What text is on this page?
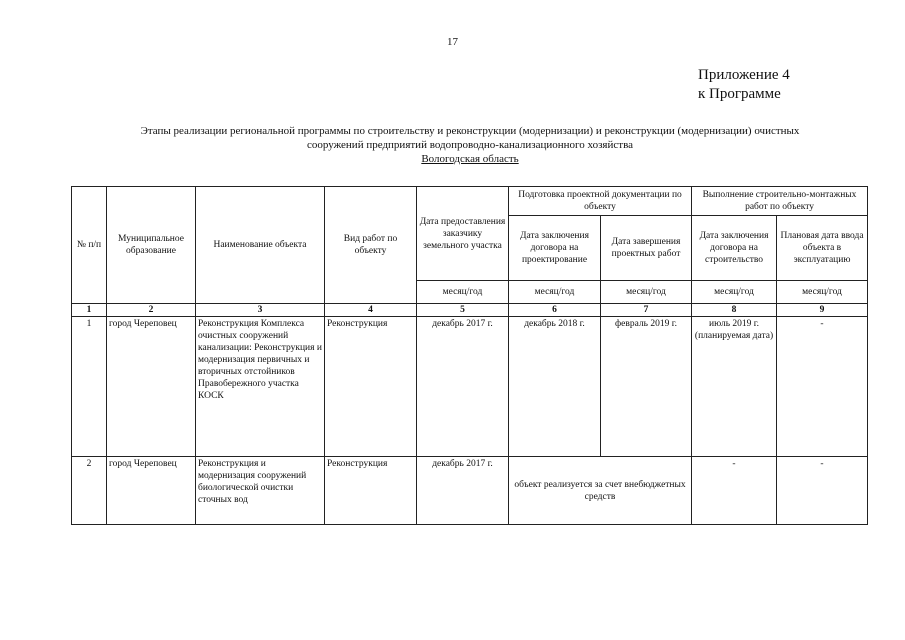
17
Приложение 4
к Программе
Этапы реализации региональной программы по строительству и реконструкции (модернизации) и реконструкции (модернизации) очистных
сооружений предприятий водопроводно-канализационного хозяйства
Вологодская область
№ п/п	Муниципальное образование	Наименование объекта	Вид работ по объекту	Дата предоставления заказчику земельного участка	Подготовка проектной документации по объекту		Выполнение строительно-монтажных работ по объекту	
					Дата заключения договора на проектирование	Дата завершения проектных работ	Дата заключения договора на строительство	Плановая дата ввода объекта в эксплуатацию
				месяц/год	месяц/год	месяц/год	месяц/год	месяц/год
1	2	3	4	5	6	7	8	9
1	город Череповец	Реконструкция Комплекса очистных сооружений канализации: Реконструкция и модернизация первичных и вторичных отстойников Правобережного участка КОСК	Реконструкция	декабрь 2017 г.	декабрь 2018 г.	февраль 2019 г.	июль 2019 г. (планируемая дата)	-
2	город Череповец	Реконструкция и модернизация сооружений биологической очистки сточных вод	Реконструкция	декабрь 2017 г.	объект реализуется за счет внебюджетных средств		-	-
